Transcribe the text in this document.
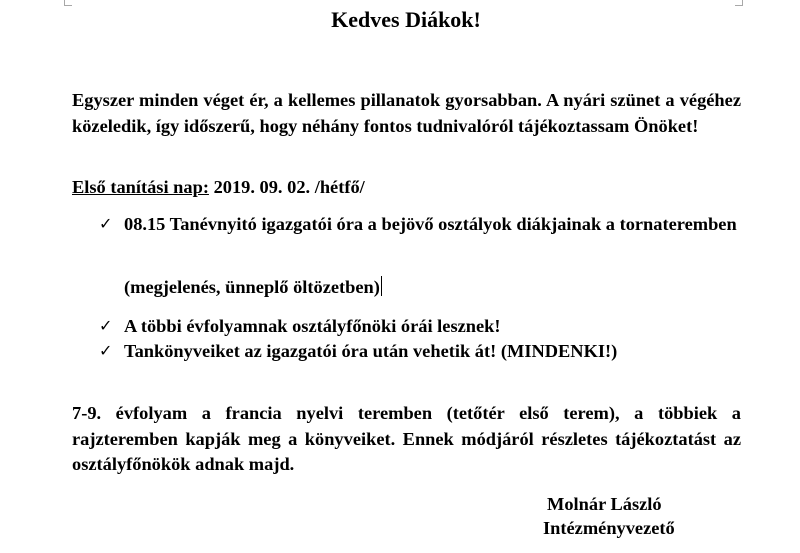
Kedves Diákok!

Egyszer minden véget ér, a kellemes pillanatok gyorsabban. A nyári szünet a végéhez közeledik, így időszerű, hogy néhány fontos tudnivalóról tájékoztassam Önöket!

Első tanítási nap: 2019. 09. 02. /hétfő/
✓ 08.15 Tanévnyitó igazgatói óra a bejövő osztályok diákjainak a tornateremben
(megjelenés, ünneplő öltözetben)
✓ A többi évfolyamnak osztályfőnöki órái lesznek!
✓ Tankönyveiket az igazgatói óra után vehetik át! (MINDENKI!)

7-9. évfolyam a francia nyelvi teremben (tetőtér első terem), a többiek a rajzteremben kapják meg a könyveiket. Ennek módjáról részletes tájékoztatást az osztályfőnökök adnak majd.

Molnár László
Intézményvezető
